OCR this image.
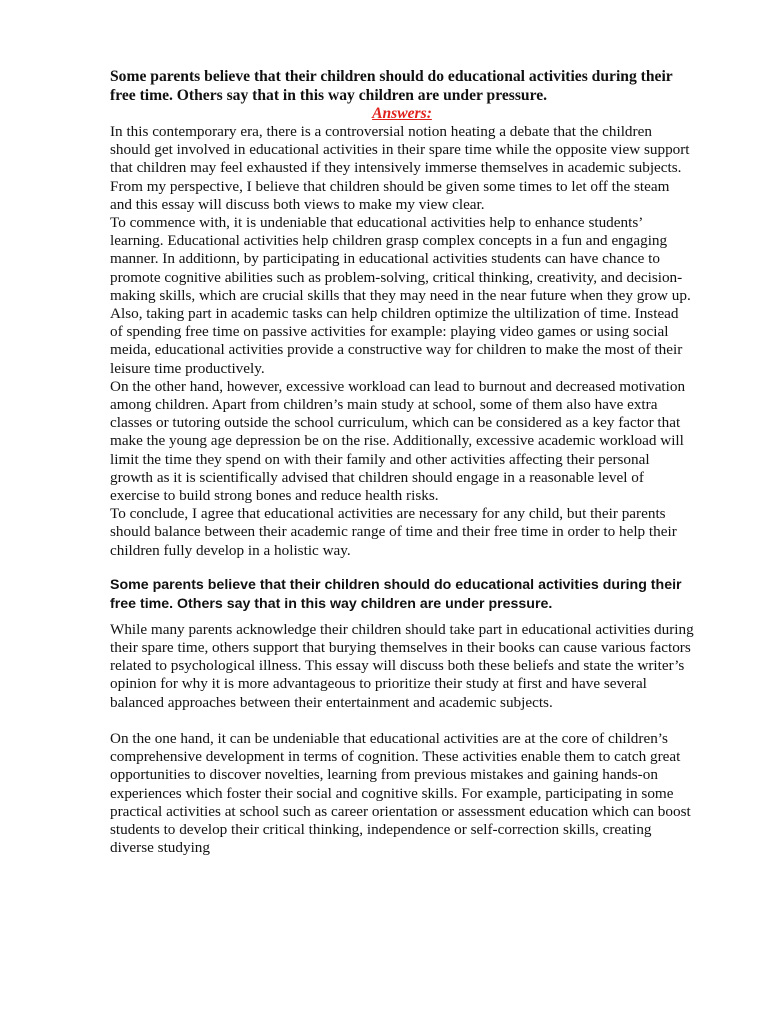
Some parents believe that their children should do educational activities during their free time. Others say that in this way children are under pressure.

Answers:

In this contemporary era, there is a controversial notion heating a debate that the children should get involved in educational activities in their spare time while the opposite view support that children may feel exhausted if they intensively immerse themselves in academic subjects. From my perspective, I believe that children should be given some times to let off the steam and this essay will discuss both views to make my view clear.

To commence with, it is undeniable that educational activities help to enhance students’ learning. Educational activities help children grasp complex concepts in a fun and engaging manner. In additionn, by participating in educational activities students can have chance to promote cognitive abilities such as problem-solving, critical thinking, creativity, and decision-making skills, which are crucial skills that they may need in the near future when they grow up. Also, taking part in academic tasks can help children optimize the ultilization of time. Instead of spending free time on passive activities for example: playing video games or using social meida, educational activities provide a constructive way for children to make the most of their leisure time productively.

On the other hand, however, excessive workload can lead to burnout and decreased motivation among children. Apart from children’s main study at school, some of them also have extra classes or tutoring outside the school curriculum, which can be considered as a key factor that make the young age depression be on the rise. Additionally, excessive academic workload will limit the time they spend on with their family and other activities affecting their personal growth as it is scientifically advised that children should engage in a reasonable level of exercise to build strong bones and reduce health risks.

To conclude, I agree that educational activities are necessary for any child, but their parents should balance between their academic range of time and their free time in order to help their children fully develop in a holistic way.

Some parents believe that their children should do educational activities during their free time. Others say that in this way children are under pressure.

While many parents acknowledge their children should take part in educational activities during their spare time, others support that burying themselves in their books can cause various factors related to psychological illness. This essay will discuss both these beliefs and state the writer’s opinion for why it is more advantageous to prioritize their study at first and have several balanced approaches between their entertainment and academic subjects.

On the one hand, it can be undeniable that educational activities are at the core of children’s comprehensive development in terms of cognition. These activities enable them to catch great opportunities to discover novelties, learning from previous mistakes and gaining hands-on experiences which foster their social and cognitive skills. For example, participating in some practical activities at school such as career orientation or assessment education which can boost students to develop their critical thinking, independence or self-correction skills, creating diverse studying
